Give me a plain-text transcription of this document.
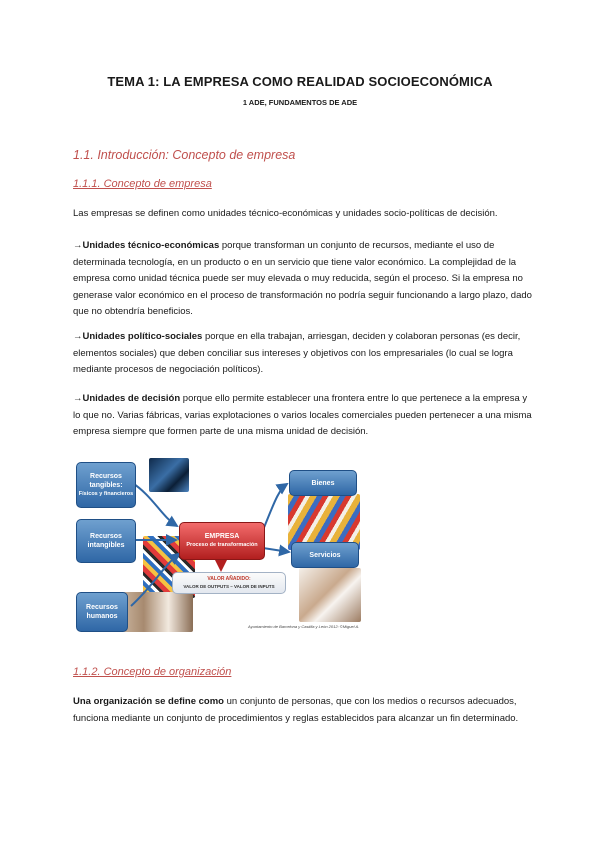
TEMA 1: LA EMPRESA COMO REALIDAD SOCIOECONÓMICA
1 ADE, FUNDAMENTOS DE ADE
1.1. Introducción: Concepto de empresa
1.1.1. Concepto de empresa
Las empresas se definen como unidades técnico-económicas y unidades socio-políticas de decisión.
→Unidades técnico-económicas porque transforman un conjunto de recursos, mediante el uso de determinada tecnología, en un producto o en un servicio que tiene valor económico. La complejidad de la empresa como unidad técnica puede ser muy elevada o muy reducida, según el proceso. Si la empresa no generase valor económico en el proceso de transformación no podría seguir funcionando a largo plazo, dado que no obtendría beneficios.
→Unidades político-sociales porque en ella trabajan, arriesgan, deciden y colaboran personas (es decir, elementos sociales) que deben conciliar sus intereses y objetivos con los empresariales (lo cual se logra mediante procesos de negociación políticos).
→Unidades de decisión porque ello permite establecer una frontera entre lo que pertenece a la empresa y lo que no. Varias fábricas, varias explotaciones o varios locales comerciales pueden pertenecer a una misma empresa siempre que formen parte de una misma unidad de decisión.
Recursos tangibles:
Físicos y financieros
Recursos intangibles
Recursos humanos
EMPRESA
Proceso de transformación
VALOR AÑADIDO:
VALOR DE OUTPUTS – VALOR DE INPUTS
Bienes
Servicios
Ayuntamiento de Barcelona y Castilla y León 2012: ©Miguel A.
1.1.2. Concepto de organización
Una organización se define como un conjunto de personas, que con los medios o recursos adecuados, funciona mediante un conjunto de procedimientos y reglas establecidos para alcanzar un fin determinado.
